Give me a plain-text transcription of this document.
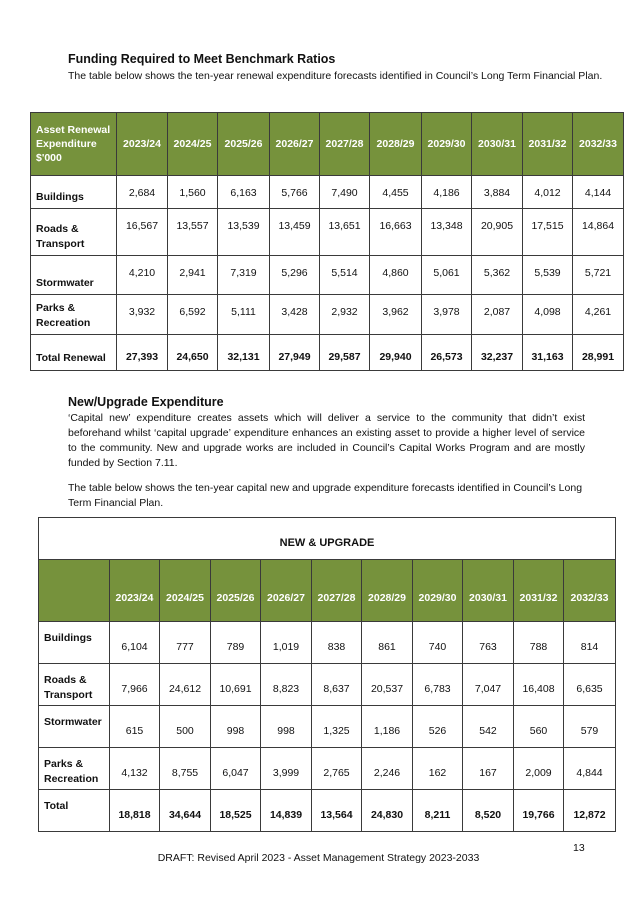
Funding Required to Meet Benchmark Ratios

The table below shows the ten-year renewal expenditure forecasts identified in Council’s Long Term Financial Plan.

Asset Renewal Expenditure $'000	2023/24	2024/25	2025/26	2026/27	2027/28	2028/29	2029/30	2030/31	2031/32	2032/33
Buildings	2,684	1,560	6,163	5,766	7,490	4,455	4,186	3,884	4,012	4,144
Roads & Transport	16,567	13,557	13,539	13,459	13,651	16,663	13,348	20,905	17,515	14,864
Stormwater	4,210	2,941	7,319	5,296	5,514	4,860	5,061	5,362	5,539	5,721
Parks & Recreation	3,932	6,592	5,111	3,428	2,932	3,962	3,978	2,087	4,098	4,261
Total Renewal	27,393	24,650	32,131	27,949	29,587	29,940	26,573	32,237	31,163	28,991

New/Upgrade Expenditure

‘Capital new’ expenditure creates assets which will deliver a service to the community that didn’t exist beforehand whilst ‘capital upgrade’ expenditure enhances an existing asset to provide a higher level of service to the community. New and upgrade works are included in Council’s Capital Works Program and are mostly funded by Section 7.11.

The table below shows the ten-year capital new and upgrade expenditure forecasts identified in Council’s Long Term Financial Plan.

NEW & UPGRADE										
	2023/24	2024/25	2025/26	2026/27	2027/28	2028/29	2029/30	2030/31	2031/32	2032/33
Buildings	6,104	777	789	1,019	838	861	740	763	788	814
Roads & Transport	7,966	24,612	10,691	8,823	8,637	20,537	6,783	7,047	16,408	6,635
Stormwater	615	500	998	998	1,325	1,186	526	542	560	579
Parks & Recreation	4,132	8,755	6,047	3,999	2,765	2,246	162	167	2,009	4,844
Total	18,818	34,644	18,525	14,839	13,564	24,830	8,211	8,520	19,766	12,872
13
DRAFT: Revised April 2023 - Asset Management Strategy 2023-2033
